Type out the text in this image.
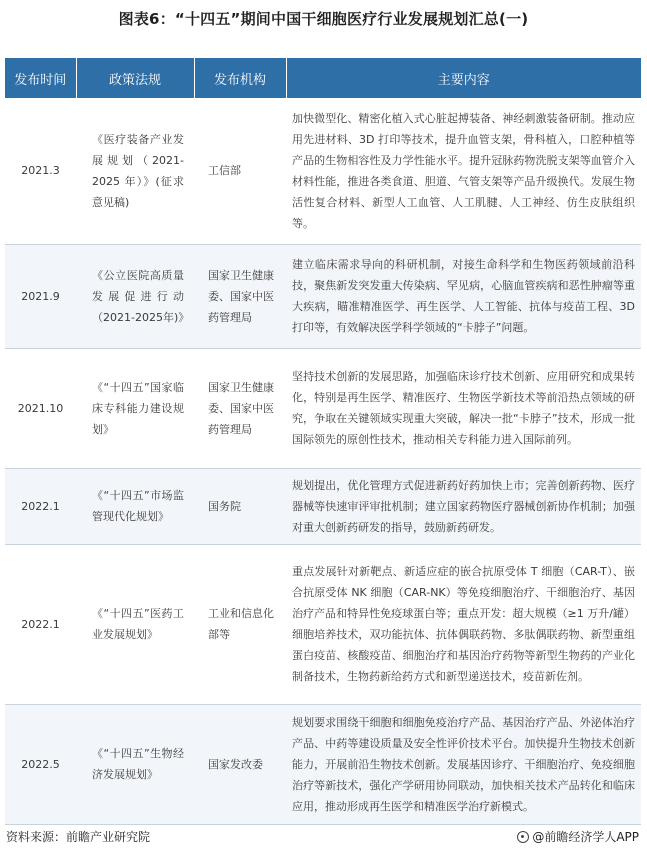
图表6：“十四五”期间中国干细胞医疗行业发展规划汇总(一)
发布时间	政策法规	发布机构	主要内容
2021.3	《医疗装备产业发展规划（2021-2025 年）》(征求意见稿)	工信部	加快微型化、精密化植入式心脏起搏装备、神经刺激装备研制。推动应用先进材料、3D 打印等技术，提升血管支架，骨科植入，口腔种植等产品的生物相容性及力学性能水平。提升冠脉药物洗脱支架等血管介入材料性能，推进各类食道、胆道、气管支架等产品升级换代。发展生物活性复合材料、新型人工血管、人工肌腱、人工神经、仿生皮肤组织等。
2021.9	《公立医院高质量发展促进行动（2021-2025年)》	国家卫生健康委、国家中医药管理局	建立临床需求导向的科研机制，对接生命科学和生物医药领域前沿科技，聚焦新发突发重大传染病、罕见病，心脑血管疾病和恶性肿瘤等重大疾病，瞄准精准医学、再生医学、人工智能、抗体与疫苗工程、3D 打印等，有效解决医学科学领域的“卡脖子”问题。
2021.10	《“十四五”国家临床专科能力建设规划》	国家卫生健康委、国家中医药管理局	坚持技术创新的发展思路，加强临床诊疗技术创新、应用研究和成果转化，特别是再生医学、精准医疗、生物医学新技术等前沿热点领域的研究，争取在关键领域实现重大突破，解决一批“卡脖子”技术，形成一批国际领先的原创性技术，推动相关专科能力进入国际前列。
2022.1	《“十四五”市场监管现代化规划》	国务院	规划提出，优化管理方式促进新药好药加快上市；完善创新药物、医疗器械等快速审评审批机制；建立国家药物医疗器械创新协作机制；加强对重大创新药研发的指导，鼓励新药研发。
2022.1	《“十四五”医药工业发展规划》	工业和信息化部等	重点发展针对新靶点、新适应症的嵌合抗原受体 T 细胞（CAR-T）、嵌合抗原受体 NK 细胞（CAR-NK）等免疫细胞治疗、干细胞治疗、基因治疗产品和特异性免疫球蛋白等；重点开发：超大规模（≥1 万升/罐）细胞培养技术，双功能抗体、抗体偶联药物、多肽偶联药物、新型重组蛋白疫苗、核酸疫苗、细胞治疗和基因治疗药物等新型生物药的产业化制备技术，生物药新给药方式和新型递送技术，疫苗新佐剂。
2022.5	《“十四五”生物经济发展规划》	国家发改委	规划要求围绕干细胞和细胞免疫治疗产品、基因治疗产品、外泌体治疗产品、中药等建设质量及安全性评价技术平台。加快提升生物技术创新能力，开展前沿生物技术创新。发展基因诊疗、干细胞治疗、免疫细胞治疗等新技术，强化产学研用协同联动，加快相关技术产品转化和临床应用，推动形成再生医学和精准医学治疗新模式。
资料来源：前瞻产业研究院	@前瞻经济学人APP
